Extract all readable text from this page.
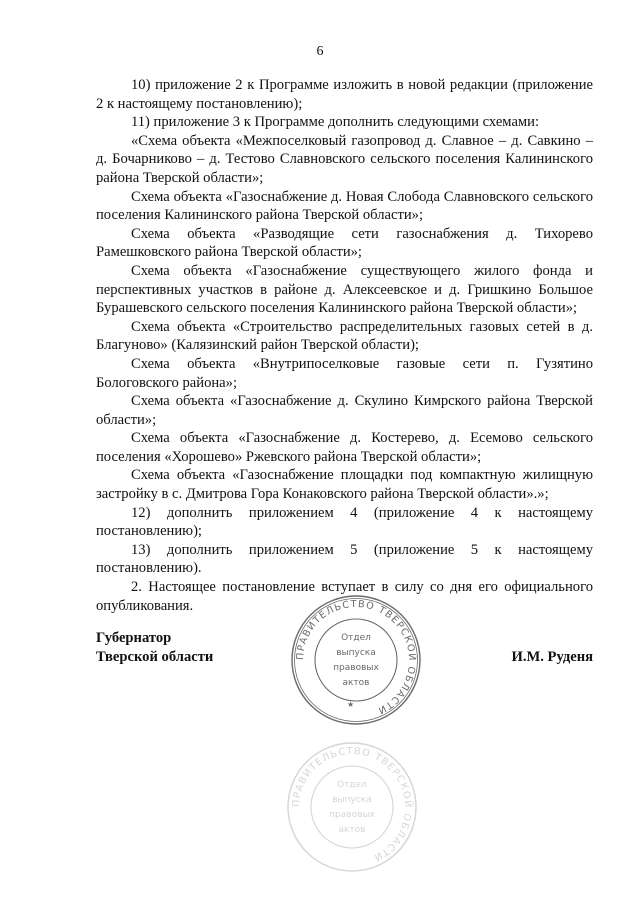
6

10) приложение 2 к Программе изложить в новой редакции (приложение 2 к настоящему постановлению);

11) приложение 3 к Программе дополнить следующими схемами:

«Схема объекта «Межпоселковый газопровод д. Славное – д. Савкино – д. Бочарниково – д. Тестово Славновского сельского поселения Калининского района Тверской области»;

Схема объекта «Газоснабжение д. Новая Слобода Славновского сельского поселения Калининского района Тверской области»;

Схема объекта «Разводящие сети газоснабжения д. Тихорево Рамешковского района Тверской области»;

Схема объекта «Газоснабжение существующего жилого фонда и перспективных участков в районе д. Алексеевское и д. Гришкино Большое Бурашевского сельского поселения Калининского района Тверской области»;

Схема объекта «Строительство распределительных газовых сетей в д. Благуново» (Калязинский район Тверской области);

Схема объекта «Внутрипоселковые газовые сети п. Гузятино Бологовского района»;

Схема объекта «Газоснабжение д. Скулино Кимрского района Тверской области»;

Схема объекта «Газоснабжение д. Костерево, д. Есемово сельского поселения «Хорошево» Ржевского района Тверской области»;

Схема объекта «Газоснабжение площадки под компактную жилищную застройку в с. Дмитрова Гора Конаковского района Тверской области».»;

12) дополнить приложением 4 (приложение 4 к настоящему постановлению);

13) дополнить приложением 5 (приложение 5 к настоящему постановлению).

2. Настоящее постановление вступает в силу со дня его официального опубликования.

Губернатор
Тверской области	И.М. Руденя
ПРАВИТЕЛЬСТВО ТВЕРСКОЙ ОБЛАСТИ
Отдел
выпуска
правовых
актов
★
ПРАВИТЕЛЬСТВО ТВЕРСКОЙ ОБЛАСТИ
Отдел
выпуска
правовых
актов
